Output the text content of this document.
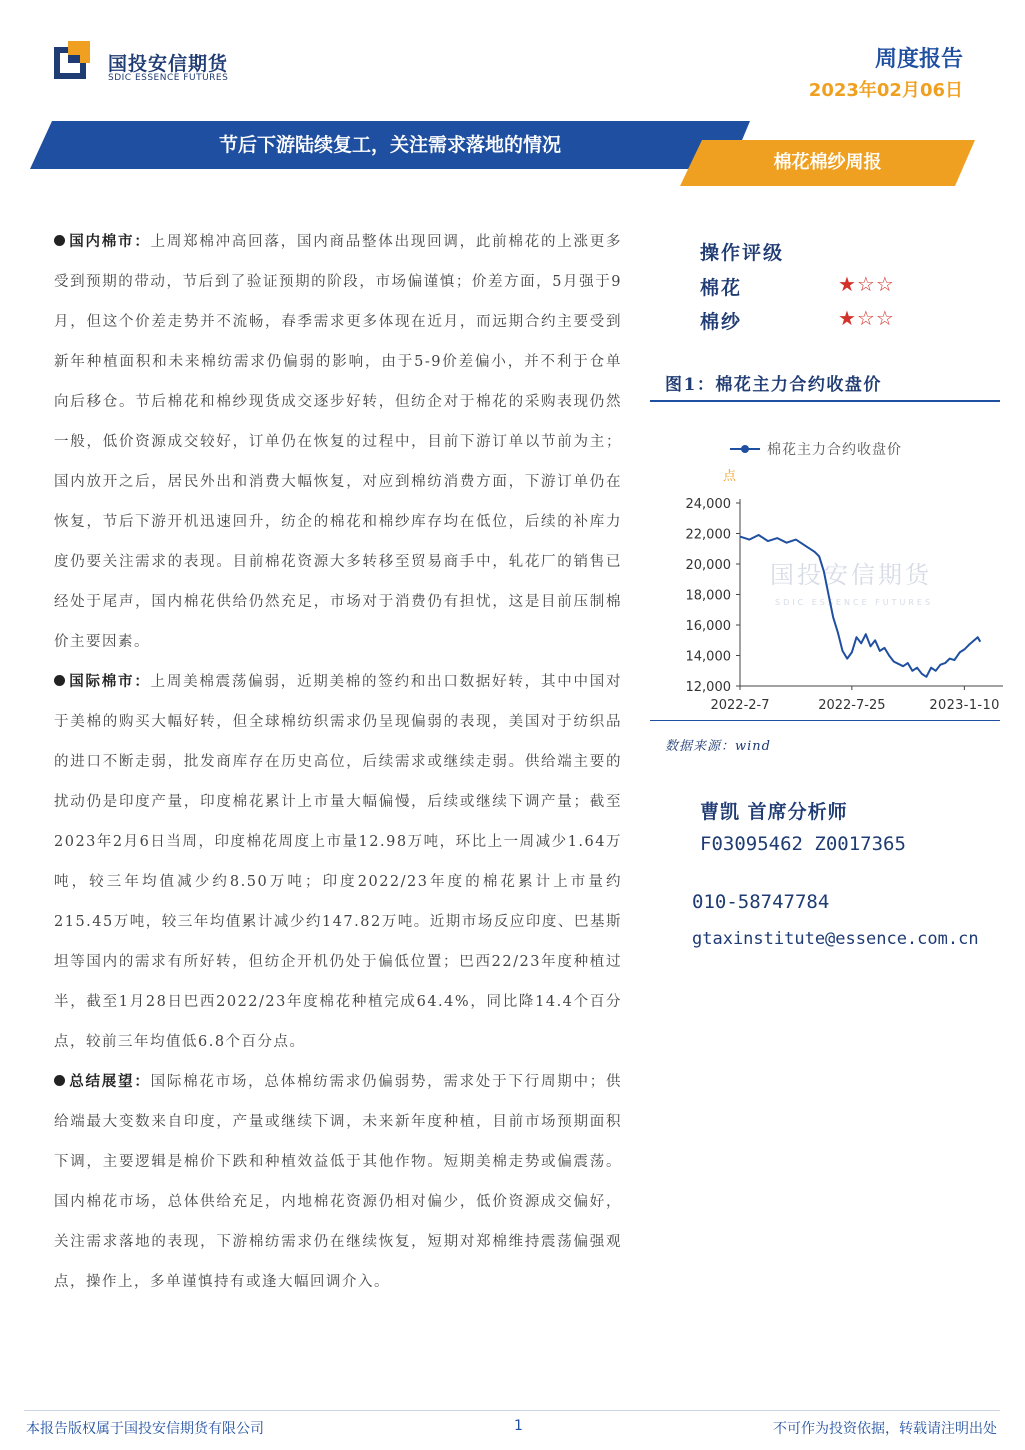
国投安信期货
SDIC ESSENCE FUTURES
周度报告
2023年02月06日
节后下游陆续复工，关注需求落地的情况
棉花棉纱周报

国内棉市：上周郑棉冲高回落，国内商品整体出现回调，此前棉花的上涨更多受到预期的带动，节后到了验证预期的阶段，市场偏谨慎；价差方面，5月强于9月，但这个价差走势并不流畅，春季需求更多体现在近月，而远期合约主要受到新年种植面积和未来棉纺需求仍偏弱的影响，由于5-9价差偏小，并不利于仓单向后移仓。节后棉花和棉纱现货成交逐步好转，但纺企对于棉花的采购表现仍然一般，低价资源成交较好，订单仍在恢复的过程中，目前下游订单以节前为主；国内放开之后，居民外出和消费大幅恢复，对应到棉纺消费方面，下游订单仍在恢复，节后下游开机迅速回升，纺企的棉花和棉纱库存均在低位，后续的补库力度仍要关注需求的表现。目前棉花资源大多转移至贸易商手中，轧花厂的销售已经处于尾声，国内棉花供给仍然充足，市场对于消费仍有担忧，这是目前压制棉价主要因素。

国际棉市：上周美棉震荡偏弱，近期美棉的签约和出口数据好转，其中中国对于美棉的购买大幅好转，但全球棉纺织需求仍呈现偏弱的表现，美国对于纺织品的进口不断走弱，批发商库存在历史高位，后续需求或继续走弱。供给端主要的扰动仍是印度产量，印度棉花累计上市量大幅偏慢，后续或继续下调产量；截至2023年2月6日当周，印度棉花周度上市量12.98万吨，环比上一周减少1.64万吨，较三年均值减少约8.50万吨；印度2022/23年度的棉花累计上市量约215.45万吨，较三年均值累计减少约147.82万吨。近期市场反应印度、巴基斯坦等国内的需求有所好转，但纺企开机仍处于偏低位置；巴西22/23年度种植过半，截至1月28日巴西2022/23年度棉花种植完成64.4%，同比降14.4个百分点，较前三年均值低6.8个百分点。

总结展望：国际棉花市场，总体棉纺需求仍偏弱势，需求处于下行周期中；供给端最大变数来自印度，产量或继续下调，未来新年度种植，目前市场预期面积下调，主要逻辑是棉价下跌和种植效益低于其他作物。短期美棉走势或偏震荡。国内棉花市场，总体供给充足，内地棉花资源仍相对偏少，低价资源成交偏好，关注需求落地的表现，下游棉纺需求仍在继续恢复，短期对郑棉维持震荡偏强观点，操作上，多单谨慎持有或逢大幅回调介入。

操作评级
棉花	★☆☆
棉纱	★☆☆
图1：棉花主力合约收盘价
国投安信期货
SDIC ESSENCE FUTURES
棉花主力合约收盘价
点
12,000
14,000
16,000
18,000
20,000
22,000
24,000
2022-2-7	2022-7-25	2023-1-10
数据来源：wind
曹凯 首席分析师
F03095462 Z0017365
010-58747784
gtaxinstitute@essence.com.cn
本报告版权属于国投安信期货有限公司	1	不可作为投资依据，转载请注明出处
